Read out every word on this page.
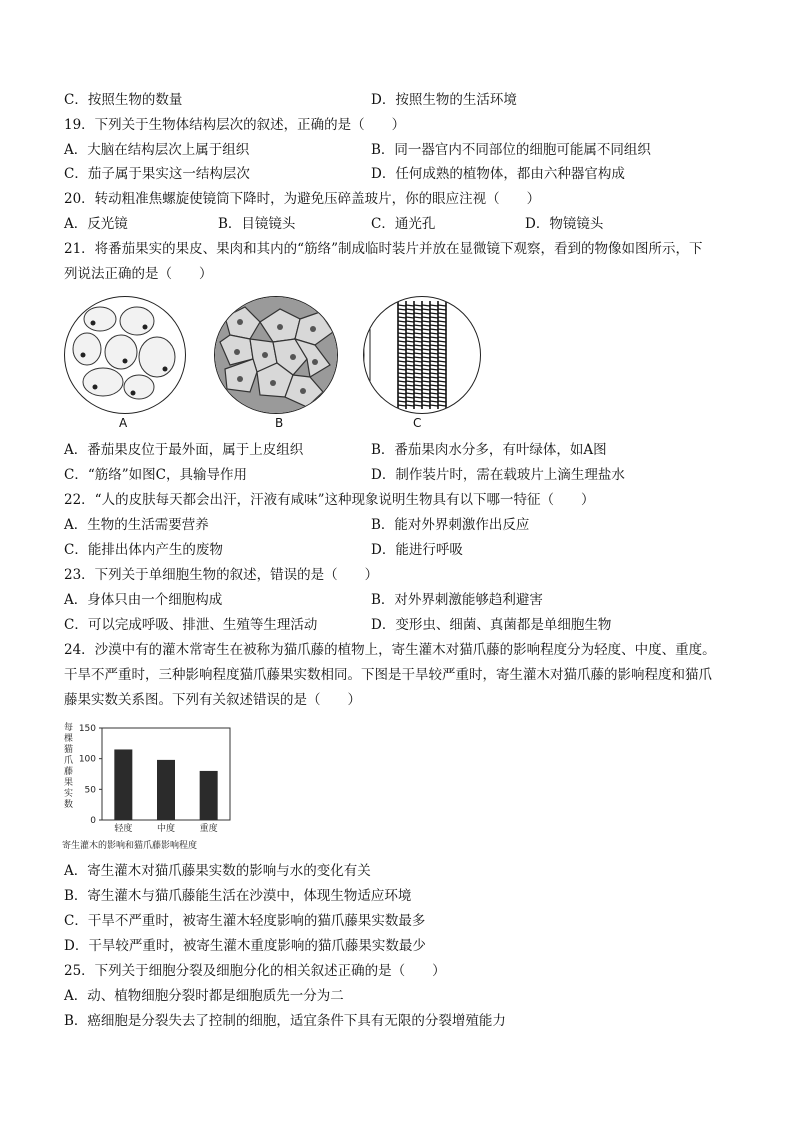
C．按照生物的数量	D．按照生物的生活环境
19．下列关于生物体结构层次的叙述，正确的是（　　）
A．大脑在结构层次上属于组织	B．同一器官内不同部位的细胞可能属不同组织
C．茄子属于果实这一结构层次	D．任何成熟的植物体，都由六种器官构成
20．转动粗准焦螺旋使镜筒下降时，为避免压碎盖玻片，你的眼应注视（　　）
A．反光镜	B．目镜镜头	C．通光孔	D．物镜镜头
21．将番茄果实的果皮、果肉和其内的“筋络”制成临时装片并放在显微镜下观察，看到的物像如图所示，下
列说法正确的是（　　）
A	B	C
A．番茄果皮位于最外面，属于上皮组织	B．番茄果肉水分多，有叶绿体，如A图
C．“筋络”如图C，具输导作用	D．制作装片时，需在载玻片上滴生理盐水
22．“人的皮肤每天都会出汗，汗液有咸味”这种现象说明生物具有以下哪一特征（　　）
A．生物的生活需要营养	B．能对外界刺激作出反应
C．能排出体内产生的废物	D．能进行呼吸
23．下列关于单细胞生物的叙述，错误的是（　　）
A．身体只由一个细胞构成	B．对外界刺激能够趋利避害
C．可以完成呼吸、排泄、生殖等生理活动	D．变形虫、细菌、真菌都是单细胞生物
24．沙漠中有的灌木常寄生在被称为猫爪藤的植物上，寄生灌木对猫爪藤的影响程度分为轻度、中度、重度。
干旱不严重时，三种影响程度猫爪藤果实数相同。下图是干旱较严重时，寄生灌木对猫爪藤的影响程度和猫爪
藤果实数关系图。下列有关叙述错误的是（　　）
每
棵
猫
爪
藤
果
实
数
0
50
100
150
轻度	中度	重度
寄生灌木的影响和猫爪藤影响程度
A．寄生灌木对猫爪藤果实数的影响与水的变化有关
B．寄生灌木与猫爪藤能生活在沙漠中，体现生物适应环境
C．干旱不严重时，被寄生灌木轻度影响的猫爪藤果实数最多
D．干旱较严重时，被寄生灌木重度影响的猫爪藤果实数最少
25．下列关于细胞分裂及细胞分化的相关叙述正确的是（　　）
A．动、植物细胞分裂时都是细胞质先一分为二
B．癌细胞是分裂失去了控制的细胞，适宜条件下具有无限的分裂增殖能力
